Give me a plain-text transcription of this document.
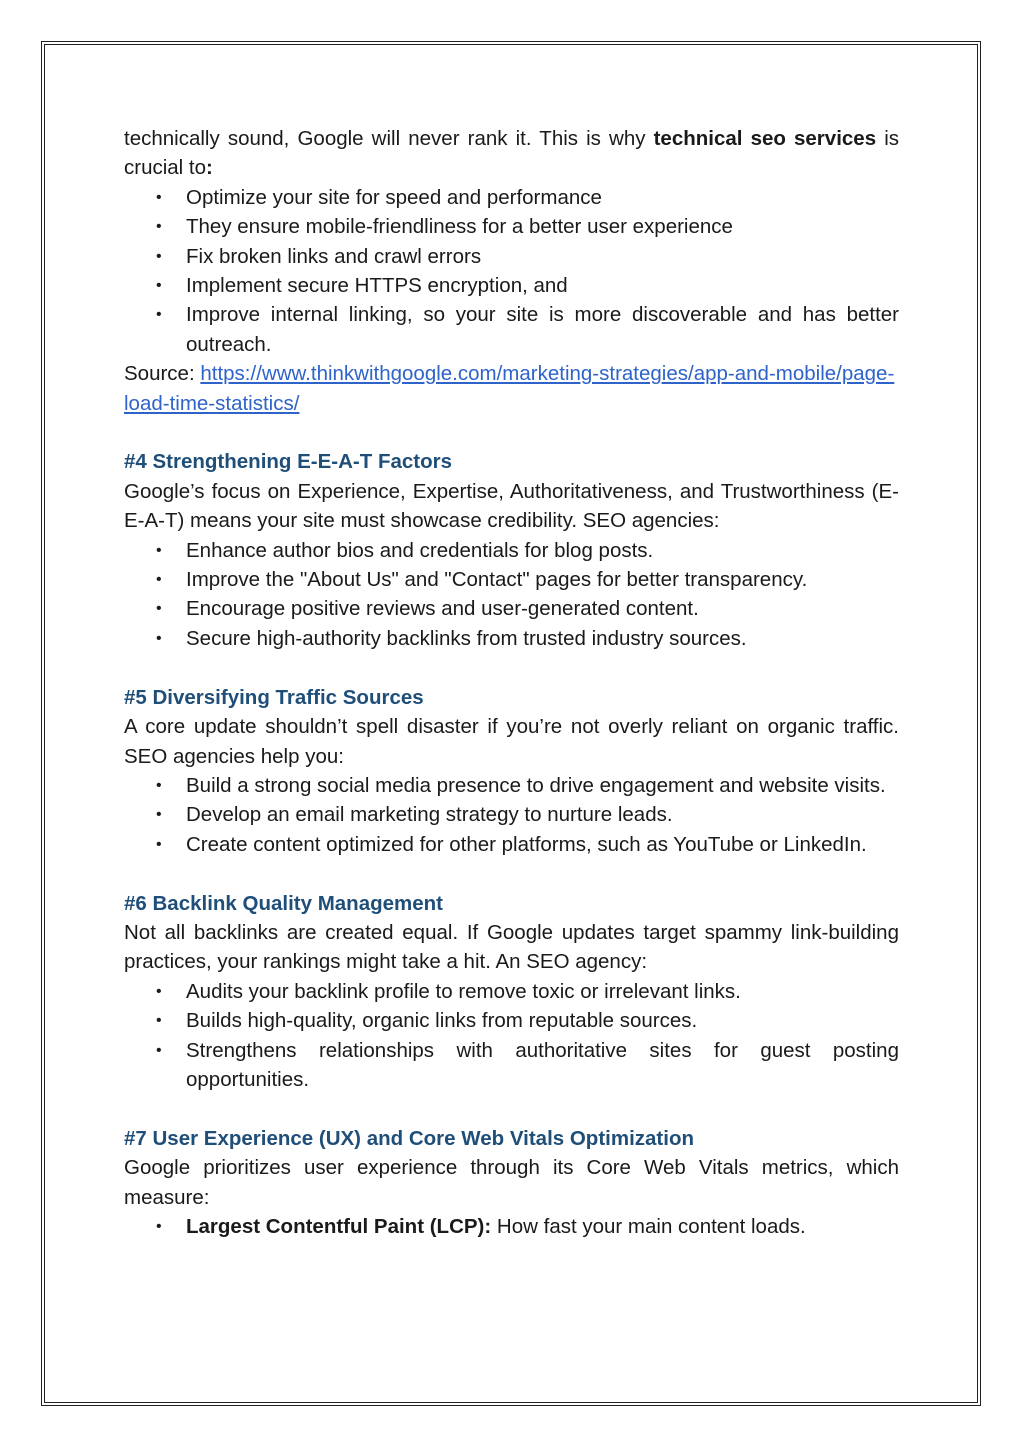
technically sound, Google will never rank it. This is why technical seo services is crucial to:

• Optimize your site for speed and performance
• They ensure mobile-friendliness for a better user experience
• Fix broken links and crawl errors
• Implement secure HTTPS encryption, and
• Improve internal linking, so your site is more discoverable and has better outreach.

Source: https://www.thinkwithgoogle.com/marketing-strategies/app-and-mobile/page-load-time-statistics/

#4 Strengthening E-E-A-T Factors

Google’s focus on Experience, Expertise, Authoritativeness, and Trustworthiness (E-E-A-T) means your site must showcase credibility. SEO agencies:

• Enhance author bios and credentials for blog posts.
• Improve the "About Us" and "Contact" pages for better transparency.
• Encourage positive reviews and user-generated content.
• Secure high-authority backlinks from trusted industry sources.

#5 Diversifying Traffic Sources

A core update shouldn’t spell disaster if you’re not overly reliant on organic traffic. SEO agencies help you:

• Build a strong social media presence to drive engagement and website visits.
• Develop an email marketing strategy to nurture leads.
• Create content optimized for other platforms, such as YouTube or LinkedIn.

#6 Backlink Quality Management

Not all backlinks are created equal. If Google updates target spammy link-building practices, your rankings might take a hit. An SEO agency:

• Audits your backlink profile to remove toxic or irrelevant links.
• Builds high-quality, organic links from reputable sources.
• Strengthens relationships with authoritative sites for guest posting opportunities.

#7 User Experience (UX) and Core Web Vitals Optimization

Google prioritizes user experience through its Core Web Vitals metrics, which measure:

• Largest Contentful Paint (LCP): How fast your main content loads.
